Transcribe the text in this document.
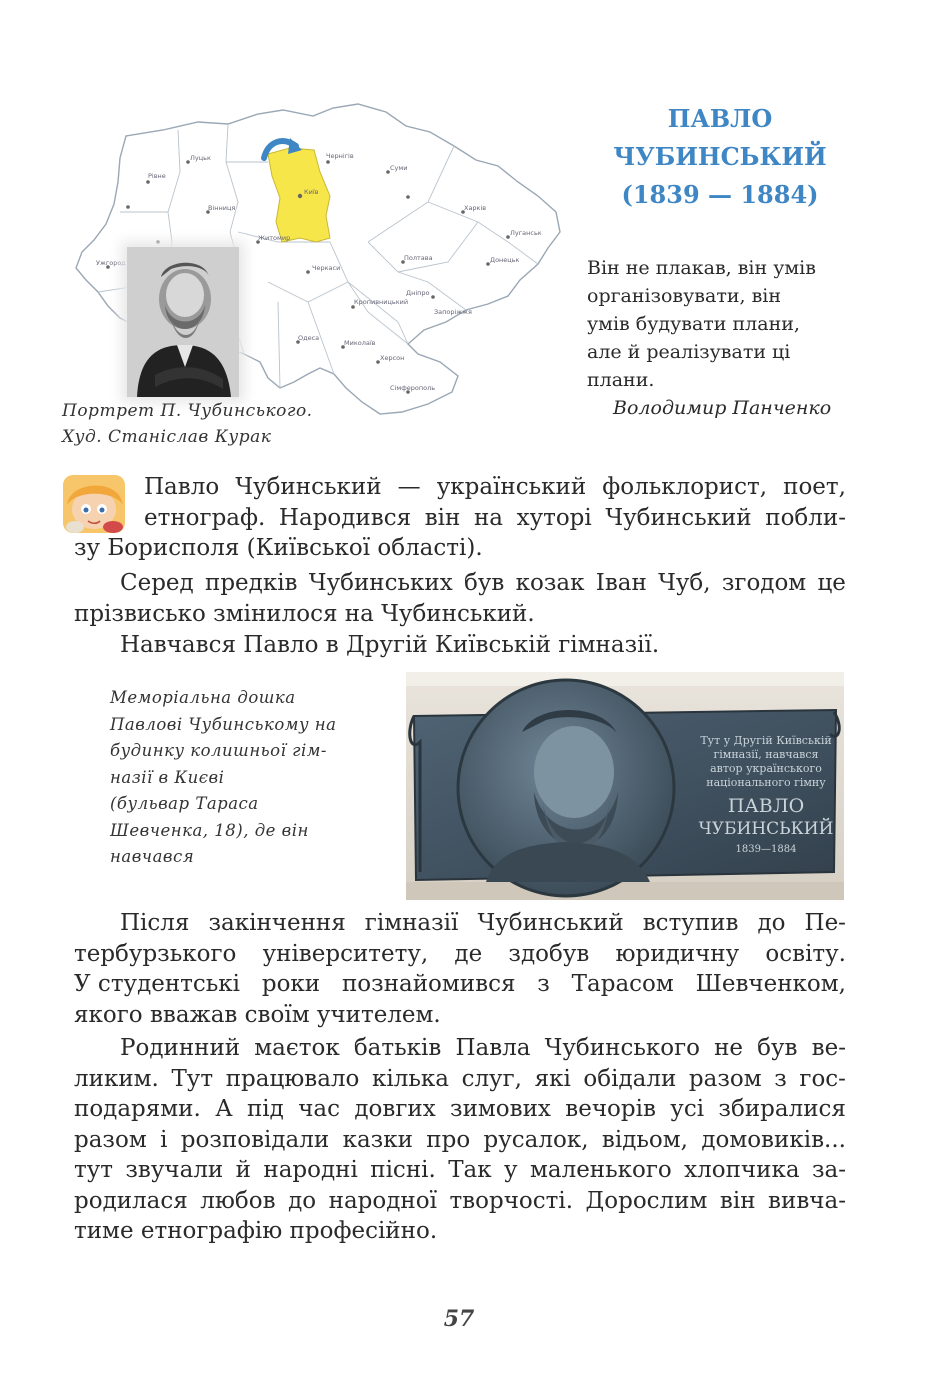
ПАВЛО
ЧУБИНСЬКИЙ
(1839 — 1884)
Він не плакав, він умів
організовувати, він
умів будувати плани,
але й реалізувати ці
плани.
Володимир Панченко
Чернігів
Суми
Київ
Житомир
Полтава
Харків
Луганськ
Донецьк
Дніпро
Запоріжжя
Одеса
Херсон
Миколаїв
Кропивницький
Черкаси
Вінниця
Рівне
Луцьк
Ужгород
Сімферополь
Портрет П. Чубинського.
Худ. Станіслав Курак
Павло Чубинський — український фольклорист, поет,
етнограф. Народився він на хуторі Чубинський побли-
зу Борисполя (Київської області).
Серед предків Чубинських був козак Іван Чуб, згодом це
прізвисько змінилося на Чубинський.
Навчався Павло в Другій Київській гімназії.
Меморіальна дошка
Павлові Чубинському на
будинку колишньої гім-
назії в Києві
(бульвар Тараса
Шевченка, 18), де він
навчався
Тут у Другій Київській
гімназії, навчався
автор українського
національного гімну
ПАВЛО
ЧУБИНСЬКИЙ
1839—1884
Після закінчення гімназії Чубинський вступив до Пе-
тербурзького університету, де здобув юридичну освіту.
У студентські роки познайомився з Тарасом Шевченком,
якого вважав своїм учителем.
Родинний маєток батьків Павла Чубинського не був ве-
ликим. Тут працювало кілька слуг, які обідали разом з гос-
подарями. А під час довгих зимових вечорів усі збиралися
разом і розповідали казки про русалок, відьом, домовиків...
тут звучали й народні пісні. Так у маленького хлопчика за-
родилася любов до народної творчості. Дорослим він вивча-
тиме етнографію професійно.
57
